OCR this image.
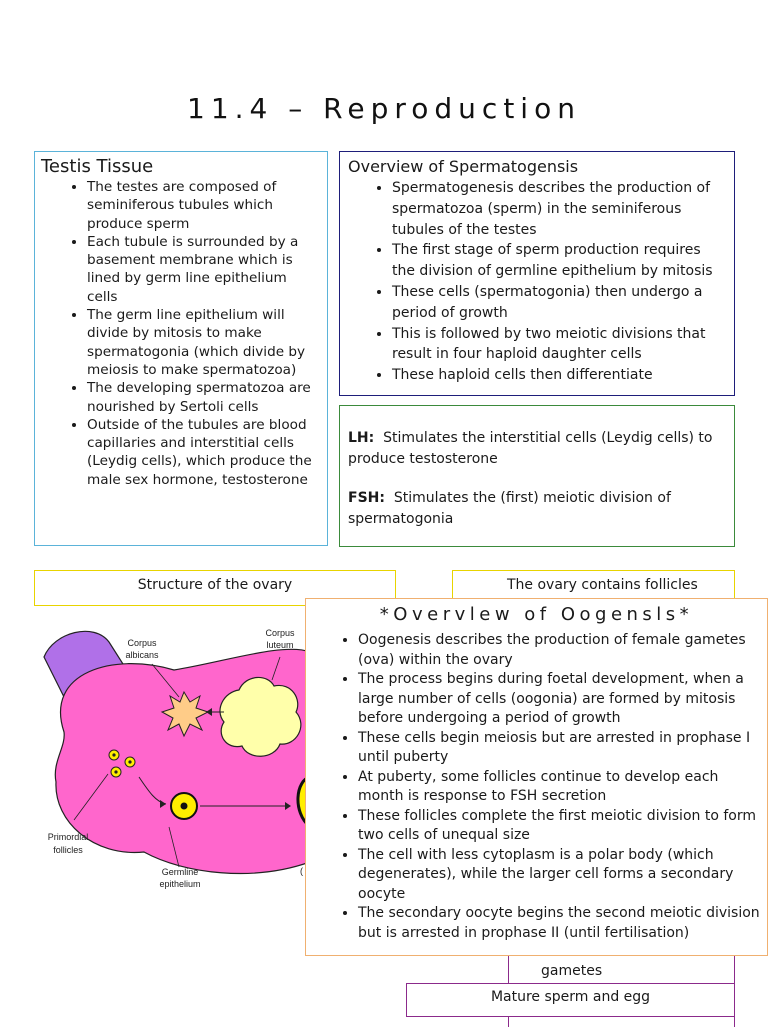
11.4 – Reproduction
Testis Tissue
• The testes are composed of seminiferous tubules which produce sperm
• Each tubule is surrounded by a basement membrane which is lined by germ line epithelium cells
• The germ line epithelium will divide by mitosis to make spermatogonia (which divide by meiosis to make spermatozoa)
• The developing spermatozoa are nourished by Sertoli cells
• Outside of the tubules are blood capillaries and interstitial cells (Leydig cells), which produce the male sex hormone, testosterone
Overview of Spermatogensis
• Spermatogenesis describes the production of spermatozoa (sperm) in the seminiferous tubules of the testes
• The first stage of sperm production requires the division of germline epithelium by mitosis
• These cells (spermatogonia) then undergo a period of growth
• This is followed by two meiotic divisions that result in four haploid daughter cells
• These haploid cells then differentiate

LH: Stimulates the interstitial cells (Leydig cells) to produce testosterone

FSH: Stimulates the (first) meiotic division of spermatogonia

Structure of the ovary	The ovary contains follicles
Corpus
albicans
Corpus
luteum
Primordial
follicles
Germline
epithelium
(
gametes
Mature sperm and egg
*Overvlew of Oogensls*
• Oogenesis describes the production of female gametes (ova) within the ovary
• The process begins during foetal development, when a large number of cells (oogonia) are formed by mitosis before undergoing a period of growth
• These cells begin meiosis but are arrested in prophase I until puberty
• At puberty, some follicles continue to develop each month is response to FSH secretion
• These follicles complete the first meiotic division to form two cells of unequal size
• The cell with less cytoplasm is a polar body (which degenerates), while the larger cell forms a secondary oocyte
• The secondary oocyte begins the second meiotic division but is arrested in prophase II (until fertilisation)
